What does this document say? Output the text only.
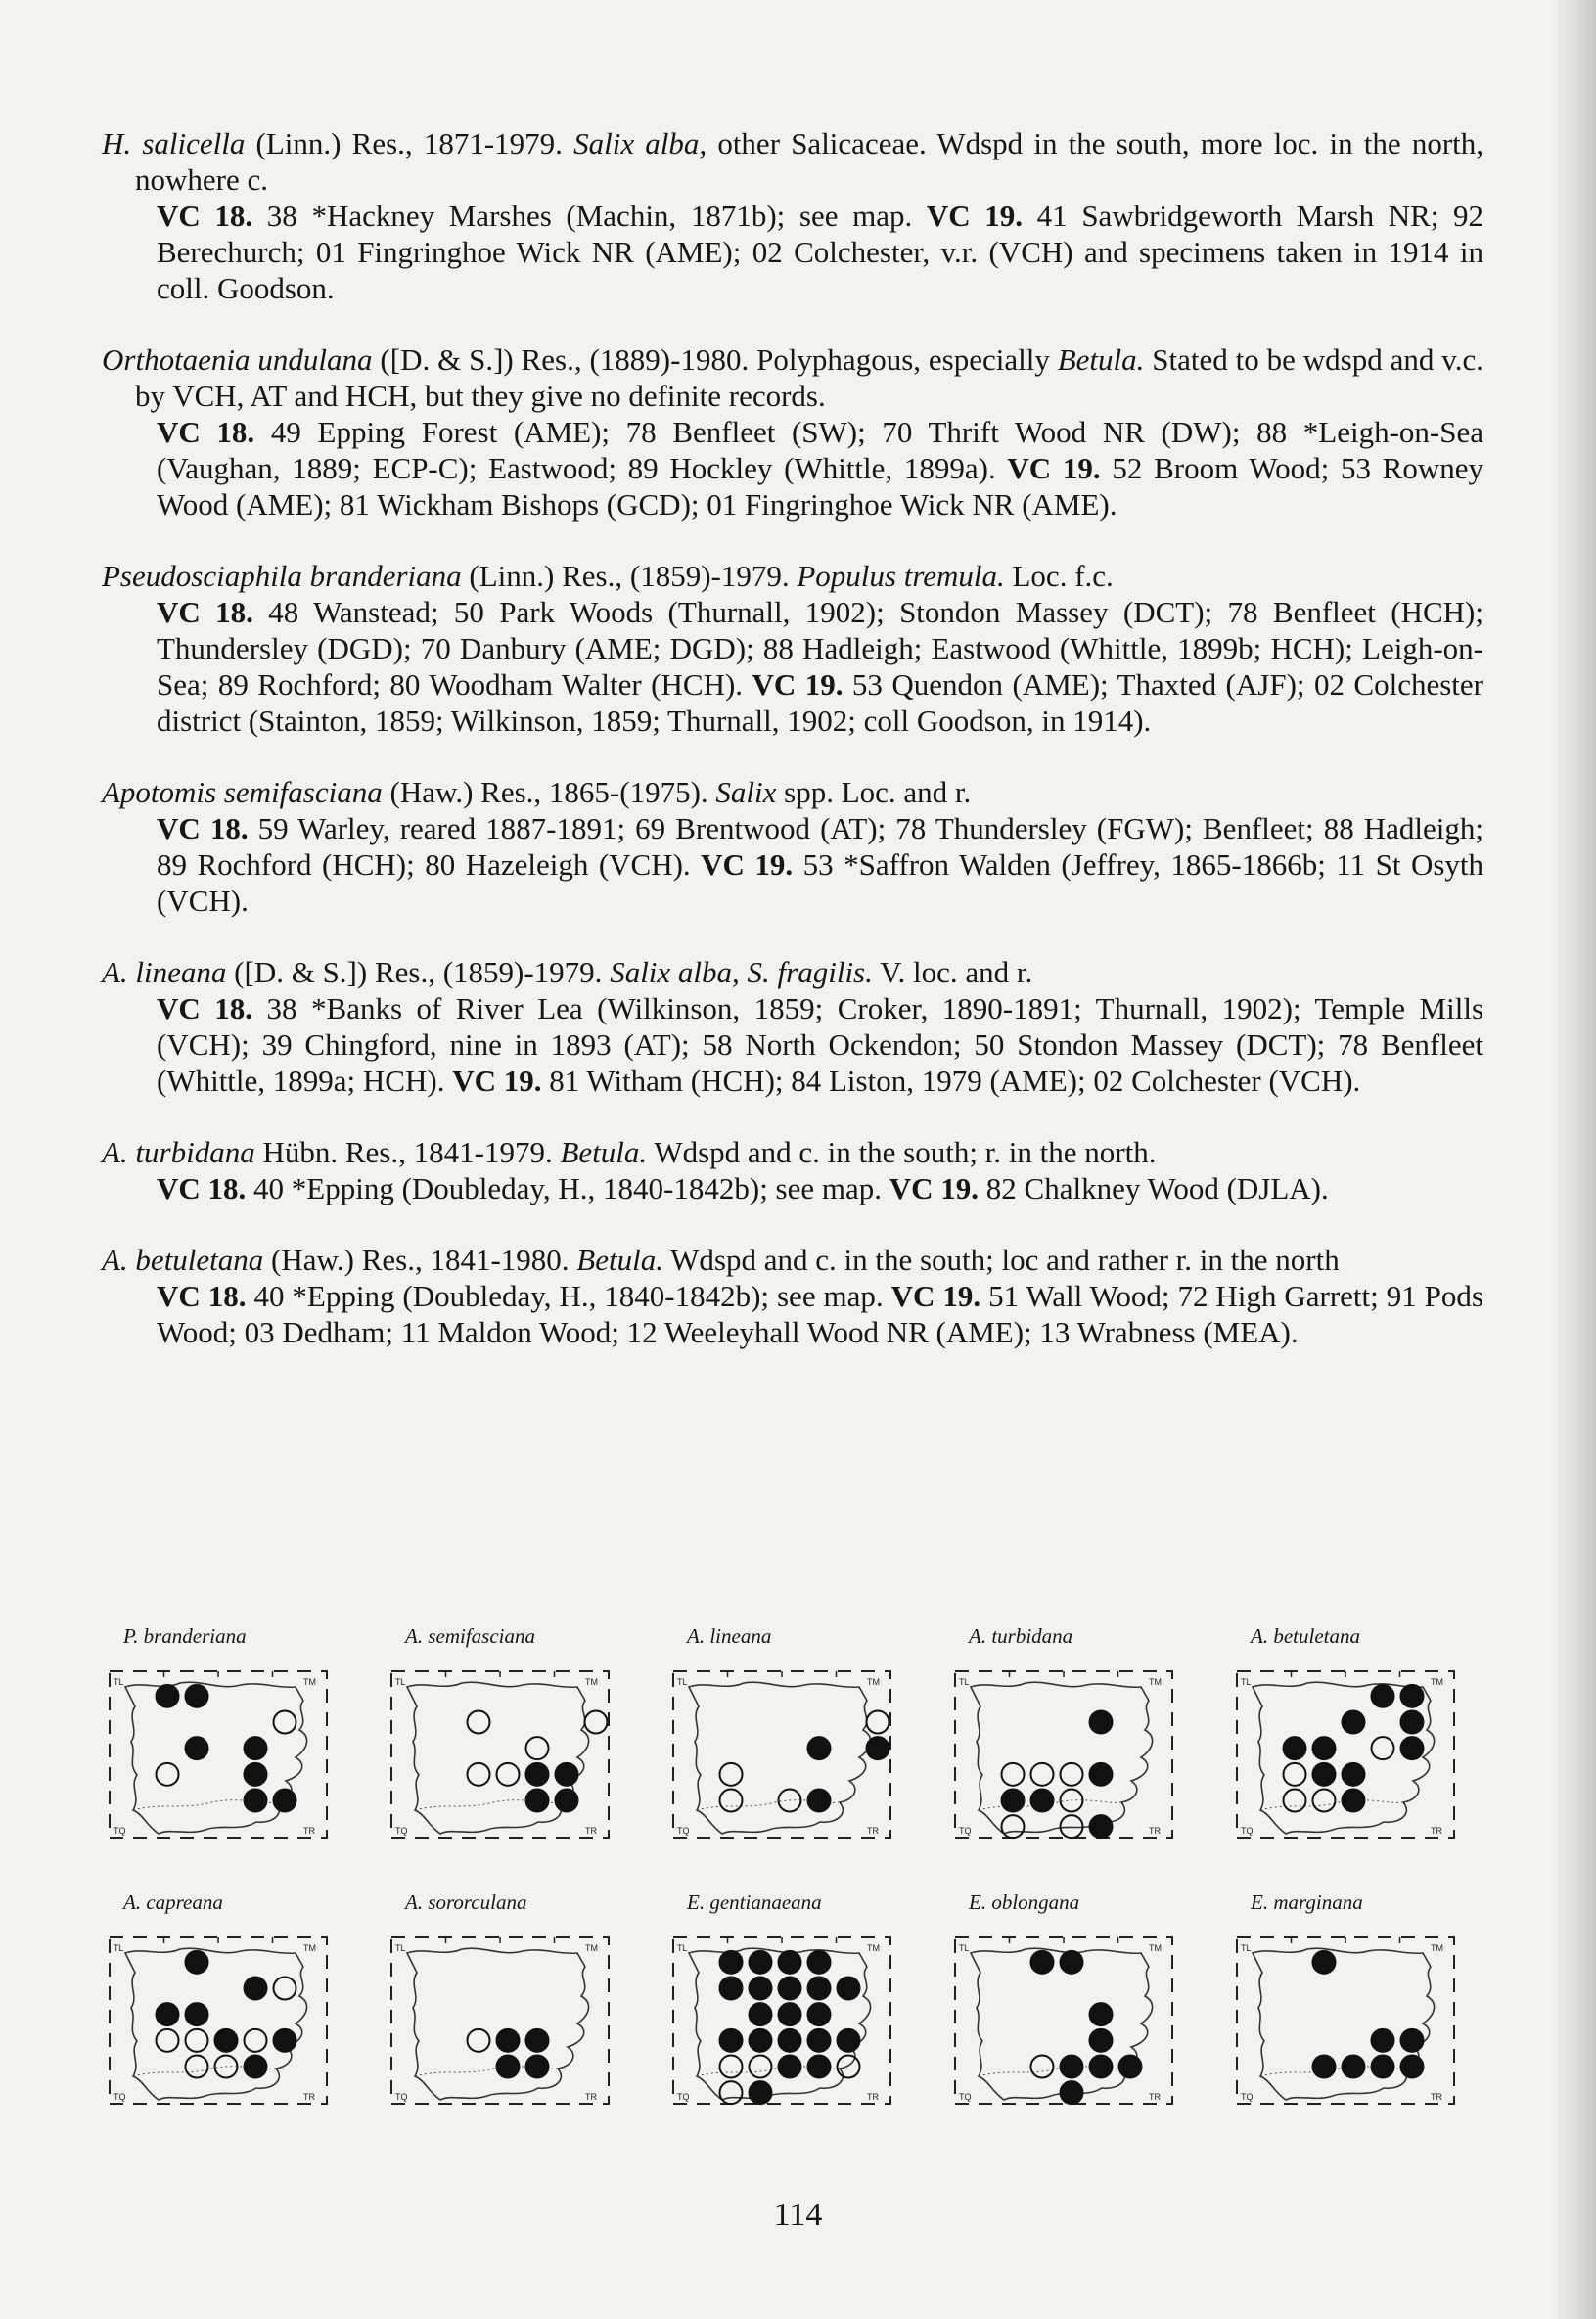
H. salicella (Linn.) Res., 1871-1979. Salix alba, other Salicaceae. Wdspd in the south, more loc. in the north, nowhere c.

VC 18. 38 *Hackney Marshes (Machin, 1871b); see map. VC 19. 41 Sawbridgeworth Marsh NR; 92 Berechurch; 01 Fingringhoe Wick NR (AME); 02 Colchester, v.r. (VCH) and specimens taken in 1914 in coll. Goodson.

Orthotaenia undulana ([D. & S.]) Res., (1889)-1980. Polyphagous, especially Betula. Stated to be wdspd and v.c. by VCH, AT and HCH, but they give no definite records.

VC 18. 49 Epping Forest (AME); 78 Benfleet (SW); 70 Thrift Wood NR (DW); 88 *Leigh-on-Sea (Vaughan, 1889; ECP-C); Eastwood; 89 Hockley (Whittle, 1899a). VC 19. 52 Broom Wood; 53 Rowney Wood (AME); 81 Wickham Bishops (GCD); 01 Fingringhoe Wick NR (AME).

Pseudosciaphila branderiana (Linn.) Res., (1859)-1979. Populus tremula. Loc. f.c.

VC 18. 48 Wanstead; 50 Park Woods (Thurnall, 1902); Stondon Massey (DCT); 78 Benfleet (HCH); Thundersley (DGD); 70 Danbury (AME; DGD); 88 Hadleigh; Eastwood (Whittle, 1899b; HCH); Leigh-on-Sea; 89 Rochford; 80 Woodham Walter (HCH). VC 19. 53 Quendon (AME); Thaxted (AJF); 02 Colchester district (Stainton, 1859; Wilkinson, 1859; Thurnall, 1902; coll Goodson, in 1914).

Apotomis semifasciana (Haw.) Res., 1865-(1975). Salix spp. Loc. and r.

VC 18. 59 Warley, reared 1887-1891; 69 Brentwood (AT); 78 Thundersley (FGW); Benfleet; 88 Hadleigh; 89 Rochford (HCH); 80 Hazeleigh (VCH). VC 19. 53 *Saffron Walden (Jeffrey, 1865-1866b; 11 St Osyth (VCH).

A. lineana ([D. & S.]) Res., (1859)-1979. Salix alba, S. fragilis. V. loc. and r.

VC 18. 38 *Banks of River Lea (Wilkinson, 1859; Croker, 1890-1891; Thurnall, 1902); Temple Mills (VCH); 39 Chingford, nine in 1893 (AT); 58 North Ockendon; 50 Stondon Massey (DCT); 78 Benfleet (Whittle, 1899a; HCH). VC 19. 81 Witham (HCH); 84 Liston, 1979 (AME); 02 Colchester (VCH).

A. turbidana Hübn. Res., 1841-1979. Betula. Wdspd and c. in the south; r. in the north.

VC 18. 40 *Epping (Doubleday, H., 1840-1842b); see map. VC 19. 82 Chalkney Wood (DJLA).

A. betuletana (Haw.) Res., 1841-1980. Betula. Wdspd and c. in the south; loc and rather r. in the north

VC 18. 40 *Epping (Doubleday, H., 1840-1842b); see map. VC 19. 51 Wall Wood; 72 High Garrett; 91 Pods Wood; 03 Dedham; 11 Maldon Wood; 12 Weeleyhall Wood NR (AME); 13 Wrabness (MEA).

P. branderiana
TL	TM
TQ	TR
A. semifasciana
TL	TM
TQ	TR
A. lineana
TL	TM
TQ	TR
A. turbidana
TL	TM
TQ	TR
A. betuletana
TL	TM
TQ	TR
A. capreana
TL	TM
TQ	TR
A. sororculana
TL	TM
TQ	TR
E. gentianaeana
TL	TM
TQ	TR
E. oblongana
TL	TM
TQ	TR
E. marginana
TL	TM
TQ	TR
114
